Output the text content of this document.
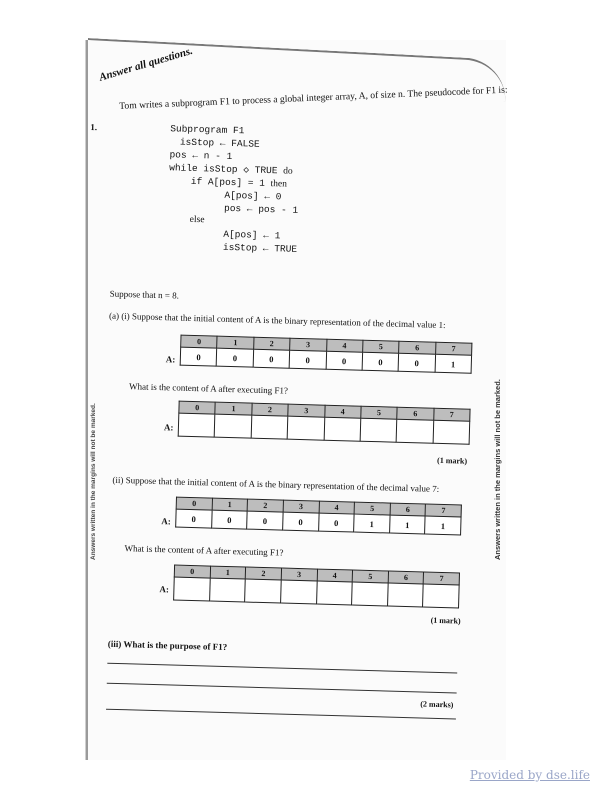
Answer all questions.
1.
Tom writes a subprogram F1 to process a global integer array, A, of size n. The pseudocode for F1 is:
Subprogram F1
isStop ← FALSE
pos ← n - 1
while isStop ◇ TRUE do
if A[pos] = 1 then
A[pos] ← 0
pos ← pos - 1
else
A[pos] ← 1
isStop ← TRUE
Suppose that n = 8.
(a) (i) Suppose that the initial content of A is the binary representation of the decimal value 1:
A:
0	1	2	3	4	5	6	7
0	0	0	0	0	0	0	1
What is the content of A after executing F1?
A:
0	1	2	3	4	5	6	7

(1 mark)
(ii) Suppose that the initial content of A is the binary representation of the decimal value 7:
A:
0	1	2	3	4	5	6	7
0	0	0	0	0	1	1	1
What is the content of A after executing F1?
A:
0	1	2	3	4	5	6	7

(1 mark)
(iii) What is the purpose of F1?
(2 marks)
Answers written in the margins will not be marked.	Answers written in the margins will not be marked.
Provided by dse.life
